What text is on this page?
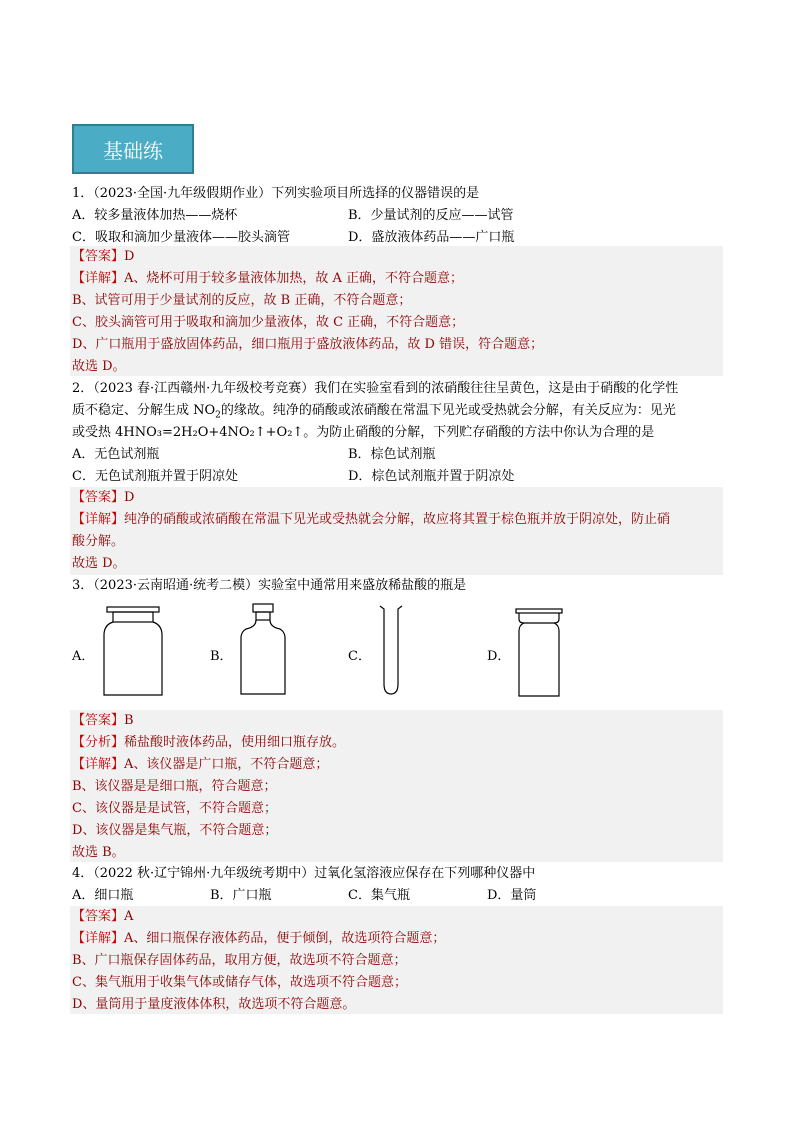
基础练
1．（2023·全国·九年级假期作业）下列实验项目所选择的仪器错误的是
A．较多量液体加热——烧杯	B．少量试剂的反应——试管
C．吸取和滴加少量液体——胶头滴管	D．盛放液体药品——广口瓶
【答案】D
【详解】A、烧杯可用于较多量液体加热，故 A 正确，不符合题意；
B、试管可用于少量试剂的反应，故 B 正确，不符合题意；
C、胶头滴管可用于吸取和滴加少量液体，故 C 正确，不符合题意；
D、广口瓶用于盛放固体药品，细口瓶用于盛放液体药品，故 D 错误，符合题意；
故选 D。
2．（2023 春·江西赣州·九年级校考竞赛）我们在实验室看到的浓硝酸往往呈黄色，这是由于硝酸的化学性
质不稳定、分解生成 $NO_2$的缘故。纯净的硝酸或浓硝酸在常温下见光或受热就会分解，有关反应为：见光
或受热 4HNO₃=2H₂O+4NO₂↑+O₂↑。为防止硝酸的分解，下列贮存硝酸的方法中你认为合理的是
A．无色试剂瓶	B．棕色试剂瓶
C．无色试剂瓶并置于阴凉处	D．棕色试剂瓶并置于阴凉处
【答案】D
【详解】纯净的硝酸或浓硝酸在常温下见光或受热就会分解，故应将其置于棕色瓶并放于阴凉处，防止硝
酸分解。
故选 D。
3．（2023·云南昭通·统考二模）实验室中通常用来盛放稀盐酸的瓶是
A．	B．	C．	D．
【答案】B
【分析】稀盐酸时液体药品，使用细口瓶存放。
【详解】A、该仪器是广口瓶，不符合题意；
B、该仪器是是细口瓶，符合题意；
C、该仪器是是试管，不符合题意；
D、该仪器是集气瓶，不符合题意；
故选 B。
4．（2022 秋·辽宁锦州·九年级统考期中）过氧化氢溶液应保存在下列哪种仪器中
A．细口瓶	B．广口瓶	C．集气瓶	D．量筒
【答案】A
【详解】A、细口瓶保存液体药品，便于倾倒，故选项符合题意；
B、广口瓶保存固体药品，取用方便，故选项不符合题意；
C、集气瓶用于收集气体或储存气体，故选项不符合题意；
D、量筒用于量度液体体积，故选项不符合题意。
